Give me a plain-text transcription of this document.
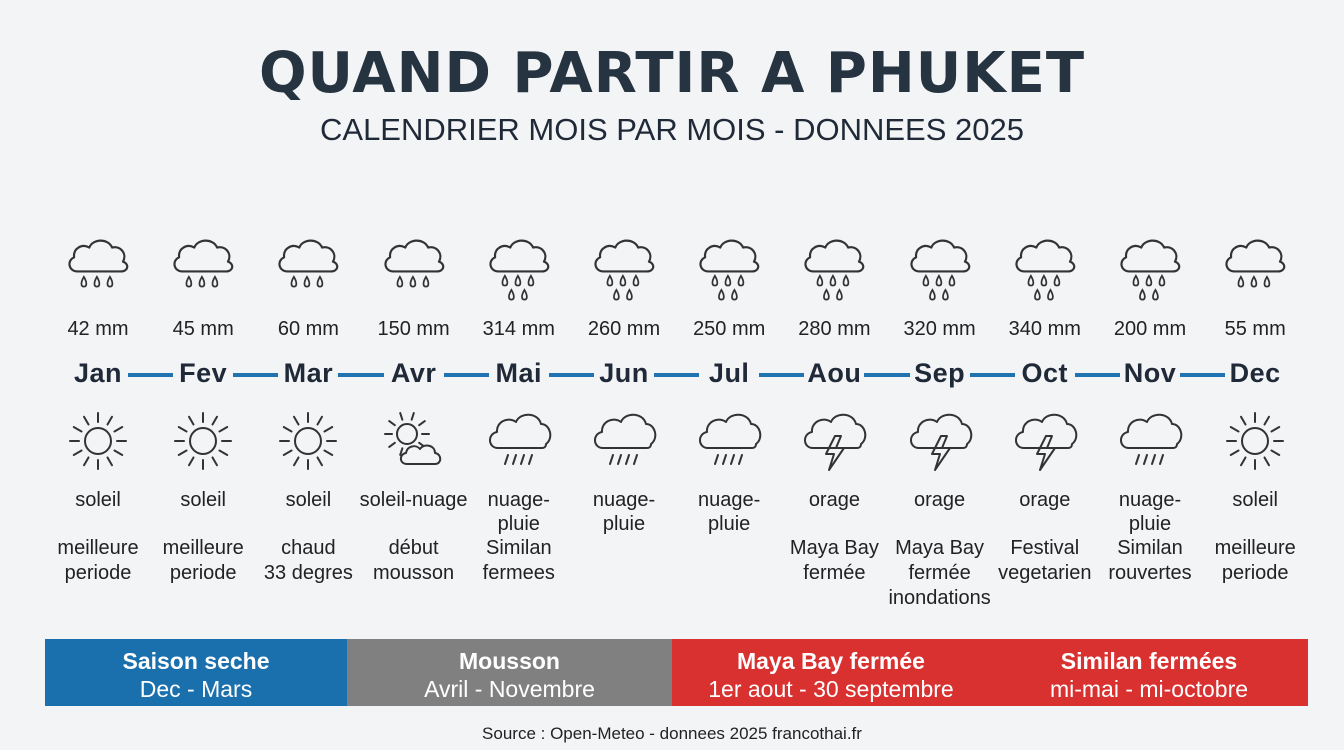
QUAND PARTIR A PHUKET
CALENDRIER MOIS PAR MOIS - DONNEES 2025
42 mm
Jan
soleil
meilleure
periode
45 mm
Fev
soleil
meilleure
periode
60 mm
Mar
soleil
chaud
33 degres
150 mm
Avr
soleil-nuage
début
mousson
314 mm
Mai
nuage-pluie
Similan
fermees
260 mm
Jun
nuage-pluie
250 mm
Jul
nuage-pluie
280 mm
Aou
orage
Maya Bay
fermée
320 mm
Sep
orage
Maya Bay
fermée
inondations
340 mm
Oct
orage
Festival
vegetarien
200 mm
Nov
nuage-pluie
Similan
rouvertes
55 mm
Dec
soleil
meilleure
periode
Saison seche
Dec - Mars
Mousson
Avril - Novembre
Maya Bay fermée
1er aout - 30 septembre
Similan fermées
mi-mai - mi-octobre
Source : Open-Meteo - donnees 2025 francothai.fr
